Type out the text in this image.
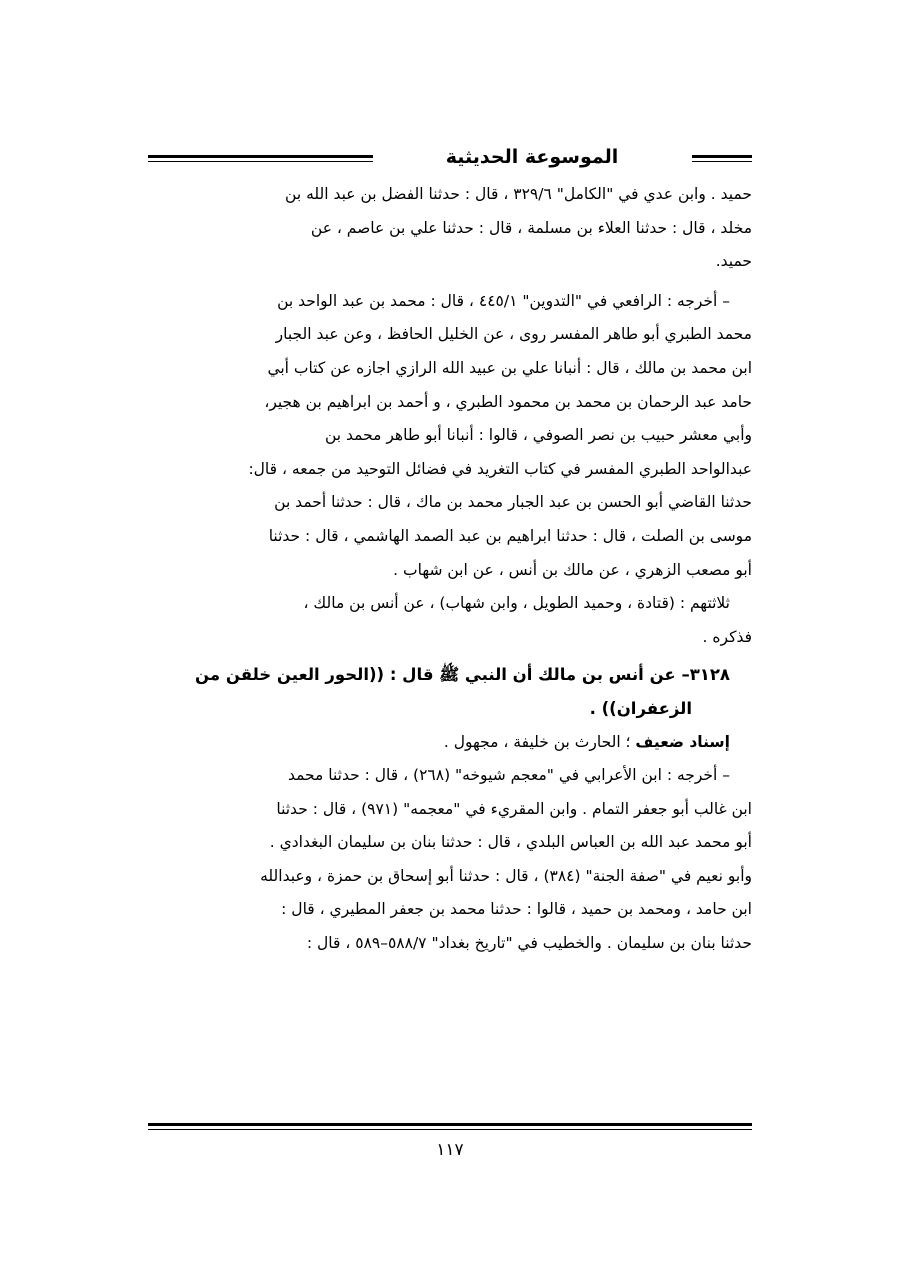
الموسوعة الحديثية

حميد . وابن عدي في "الكامل" ٣٢٩/٦ ، قال : حدثنا الفضل بن عبد الله بن

مخلد ، قال : حدثنا العلاء بن مسلمة ، قال : حدثنا علي بن عاصم ، عن

حميد.

– أخرجه : الرافعي في "التدوين" ٤٤٥/١ ، قال : محمد بن عبد الواحد بن

محمد الطبري أبو طاهر المفسر روى ، عن الخليل الحافظ ، وعن عبد الجبار

ابن محمد بن مالك ، قال : أنبانا علي بن عبيد الله الرازي اجازه عن كتاب أبي

حامد عبد الرحمان بن محمد بن محمود الطبري ، و أحمد بن ابراهيم بن هجير،

وأبي معشر حبيب بن نصر الصوفي ، قالوا : أنبانا أبو طاهر محمد بن

عبدالواحد الطبري المفسر في كتاب التغريد في فضائل التوحيد من جمعه ، قال:

حدثنا القاضي أبو الحسن بن عبد الجبار محمد بن ماك ، قال : حدثنا أحمد بن

موسى بن الصلت ، قال : حدثنا ابراهيم بن عبد الصمد الهاشمي ، قال : حدثنا

أبو مصعب الزهري ، عن مالك بن أنس ، عن ابن شهاب .

ثلاثتهم : (قتادة ، وحميد الطويل ، وابن شهاب) ، عن أنس بن مالك ،

فذكره .

٣١٢٨– عن أنس بن مالك أن النبي ﷺ قال : ((الحور العين خلقن من

الزعفران)) .

إسناد ضعيف ؛ الحارث بن خليفة ، مجهول .

– أخرجه : ابن الأعرابي في "معجم شيوخه" (٢٦٨) ، قال : حدثنا محمد

ابن غالب أبو جعفر التمام . وابن المقريء في "معجمه" (٩٧١) ، قال : حدثنا

أبو محمد عبد الله بن العباس البلدي ، قال : حدثنا بنان بن سليمان البغدادي .

وأبو نعيم في "صفة الجنة" (٣٨٤) ، قال : حدثنا أبو إسحاق بن حمزة ، وعبدالله

ابن حامد ، ومحمد بن حميد ، قالوا : حدثنا محمد بن جعفر المطيري ، قال :

حدثنا بنان بن سليمان . والخطيب في "تاريخ بغداد" ٥٨٨/٧–٥٨٩ ، قال :

١١٧
